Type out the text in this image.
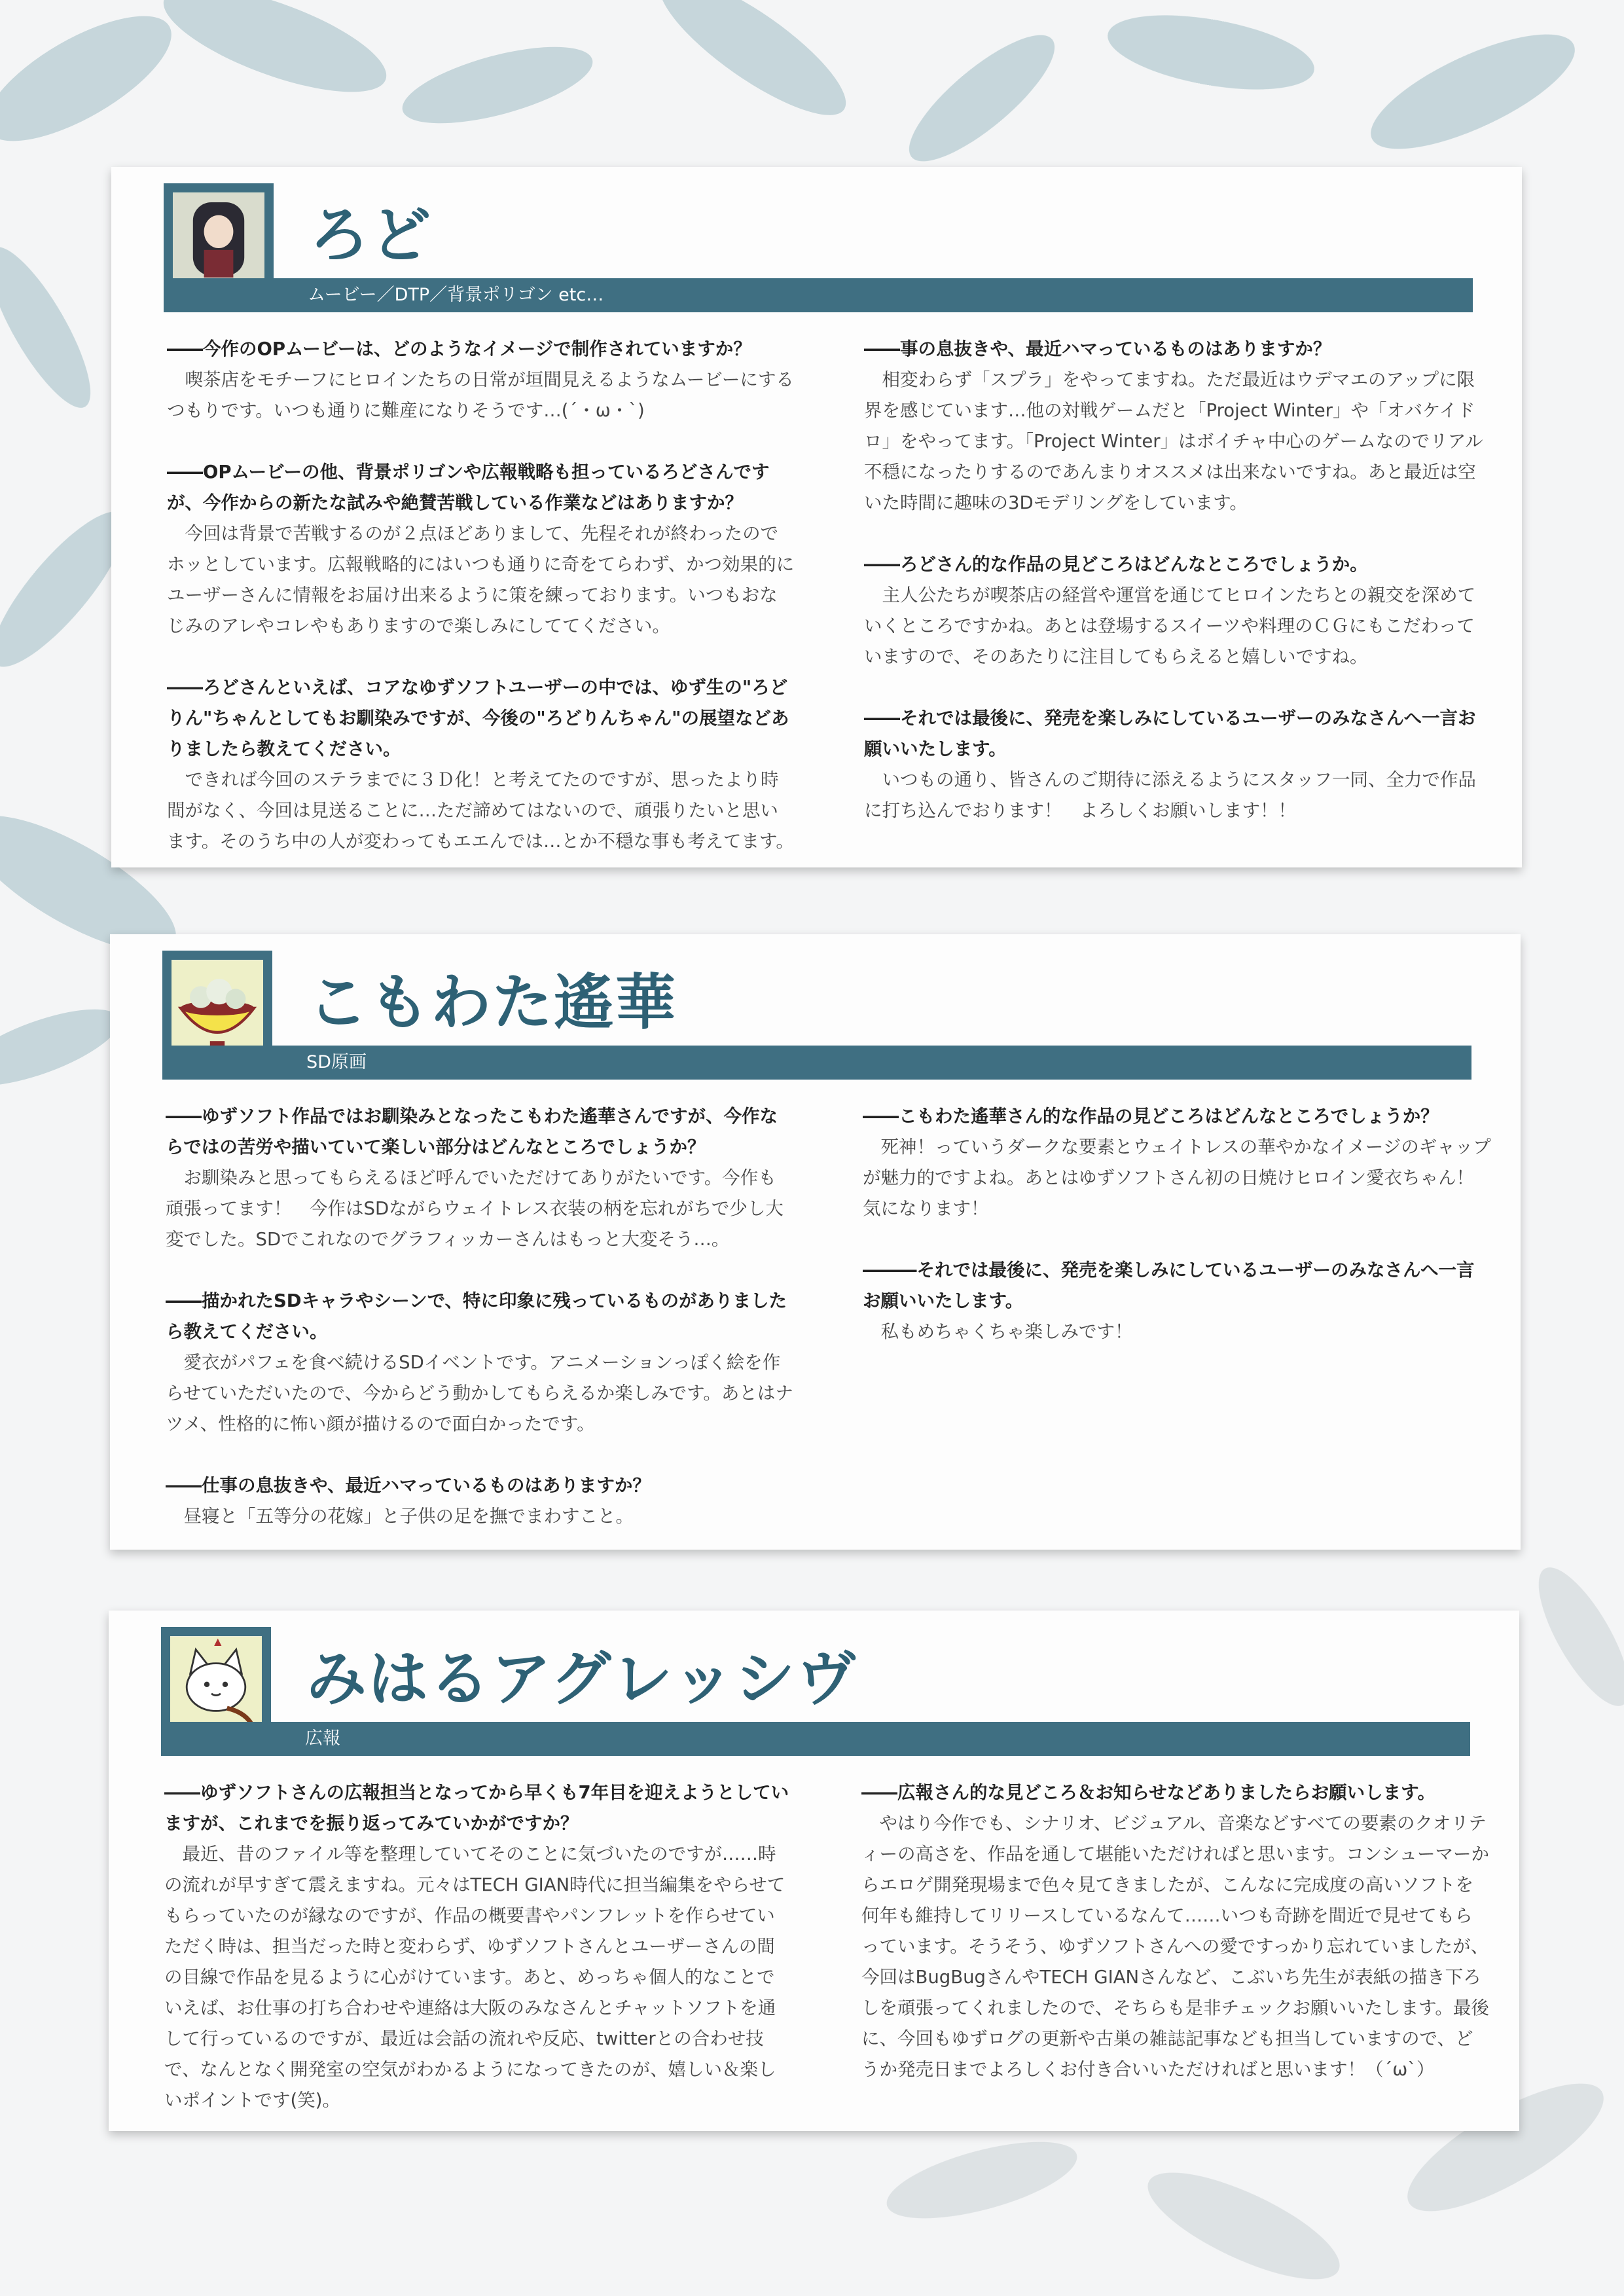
ムービー／DTP／背景ポリゴン etc…
ろど
――今作のOPムービーは、どのようなイメージで制作されていますか？
喫茶店をモチーフにヒロインたちの日常が垣間見えるようなムービーにするつもりです。いつも通りに難産になりそうです…(´・ω・`)
――OPムービーの他、背景ポリゴンや広報戦略も担っているろどさんですが、今作からの新たな試みや絶賛苦戦している作業などはありますか？
今回は背景で苦戦するのが２点ほどありまして、先程それが終わったのでホッとしています。広報戦略的にはいつも通りに奇をてらわず、かつ効果的にユーザーさんに情報をお届け出来るように策を練っております。いつもおなじみのアレやコレやもありますので楽しみにしててください。
――ろどさんといえば、コアなゆずソフトユーザーの中では、ゆず生の"ろどりん"ちゃんとしてもお馴染みですが、今後の"ろどりんちゃん"の展望などありましたら教えてください。
できれば今回のステラまでに３Ｄ化！と考えてたのですが、思ったより時間がなく、今回は見送ることに…ただ諦めてはないので、頑張りたいと思います。そのうち中の人が変わってもエエんでは…とか不穏な事も考えてます。
――事の息抜きや、最近ハマっているものはありますか？
相変わらず「スプラ」をやってますね。ただ最近はウデマエのアップに限界を感じています…他の対戦ゲームだと「Project Winter」や「オバケイドロ」をやってます。「Project Winter」はボイチャ中心のゲームなのでリアル不穏になったりするのであんまりオススメは出来ないですね。あと最近は空いた時間に趣味の3Dモデリングをしています。
――ろどさん的な作品の見どころはどんなところでしょうか。
主人公たちが喫茶店の経営や運営を通じてヒロインたちとの親交を深めていくところですかね。あとは登場するスイーツや料理のＣＧにもこだわっていますので、そのあたりに注目してもらえると嬉しいですね。
――それでは最後に、発売を楽しみにしているユーザーのみなさんへ一言お願いいたします。
いつもの通り、皆さんのご期待に添えるようにスタッフ一同、全力で作品に打ち込んでおります！　よろしくお願いします！！
SD原画
こもわた遙華
――ゆずソフト作品ではお馴染みとなったこもわた遙華さんですが、今作ならではの苦労や描いていて楽しい部分はどんなところでしょうか？
お馴染みと思ってもらえるほど呼んでいただけてありがたいです。今作も頑張ってます！　今作はSDながらウェイトレス衣装の柄を忘れがちで少し大変でした。SDでこれなのでグラフィッカーさんはもっと大変そう…。
――描かれたSDキャラやシーンで、特に印象に残っているものがありましたら教えてください。
愛衣がパフェを食べ続けるSDイベントです。アニメーションっぽく絵を作らせていただいたので、今からどう動かしてもらえるか楽しみです。あとはナツメ、性格的に怖い顔が描けるので面白かったです。
――仕事の息抜きや、最近ハマっているものはありますか？
昼寝と「五等分の花嫁」と子供の足を撫でまわすこと。
――こもわた遙華さん的な作品の見どころはどんなところでしょうか？
死神！っていうダークな要素とウェイトレスの華やかなイメージのギャップが魅力的ですよね。あとはゆずソフトさん初の日焼けヒロイン愛衣ちゃん！気になります！
―――それでは最後に、発売を楽しみにしているユーザーのみなさんへ一言お願いいたします。
私もめちゃくちゃ楽しみです！
広報
みはるアグレッシヴ
――ゆずソフトさんの広報担当となってから早くも7年目を迎えようとしていますが、これまでを振り返ってみていかがですか？
最近、昔のファイル等を整理していてそのことに気づいたのですが……時の流れが早すぎて震えますね。元々はTECH GIAN時代に担当編集をやらせてもらっていたのが縁なのですが、作品の概要書やパンフレットを作らせていただく時は、担当だった時と変わらず、ゆずソフトさんとユーザーさんの間の目線で作品を見るように心がけています。あと、めっちゃ個人的なことでいえば、お仕事の打ち合わせや連絡は大阪のみなさんとチャットソフトを通して行っているのですが、最近は会話の流れや反応、twitterとの合わせ技で、なんとなく開発室の空気がわかるようになってきたのが、嬉しい＆楽しいポイントです(笑)。
――広報さん的な見どころ＆お知らせなどありましたらお願いします。
やはり今作でも、シナリオ、ビジュアル、音楽などすべての要素のクオリティーの高さを、作品を通して堪能いただければと思います。コンシューマーからエロゲ開発現場まで色々見てきましたが、こんなに完成度の高いソフトを何年も維持してリリースしているなんて……いつも奇跡を間近で見せてもらっています。そうそう、ゆずソフトさんへの愛ですっかり忘れていましたが、今回はBugBugさんやTECH GIANさんなど、こぶいち先生が表紙の描き下ろしを頑張ってくれましたので、そちらも是非チェックお願いいたします。最後に、今回もゆずログの更新や古巣の雑誌記事なども担当していますので、どうか発売日までよろしくお付き合いいただければと思います！（´ω`）
